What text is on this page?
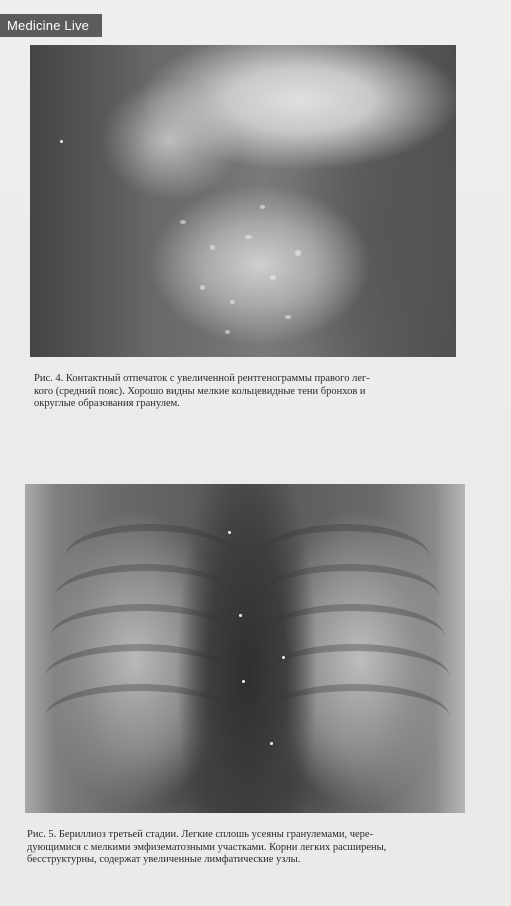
Medicine Live
Рис. 4. Контактный отпечаток с увеличенной рентгенограммы правого лег-
кого (средний пояс). Хорошо видны мелкие кольцевидные тени бронхов и
округлые образования гранулем.
Рис. 5. Бериллиоз третьей стадии. Легкие сплошь усеяны гранулемами, чере-
дующимися с мелкими эмфизематозными участками. Корни легких расширены,
бесструктурны, содержат увеличенные лимфатические узлы.
